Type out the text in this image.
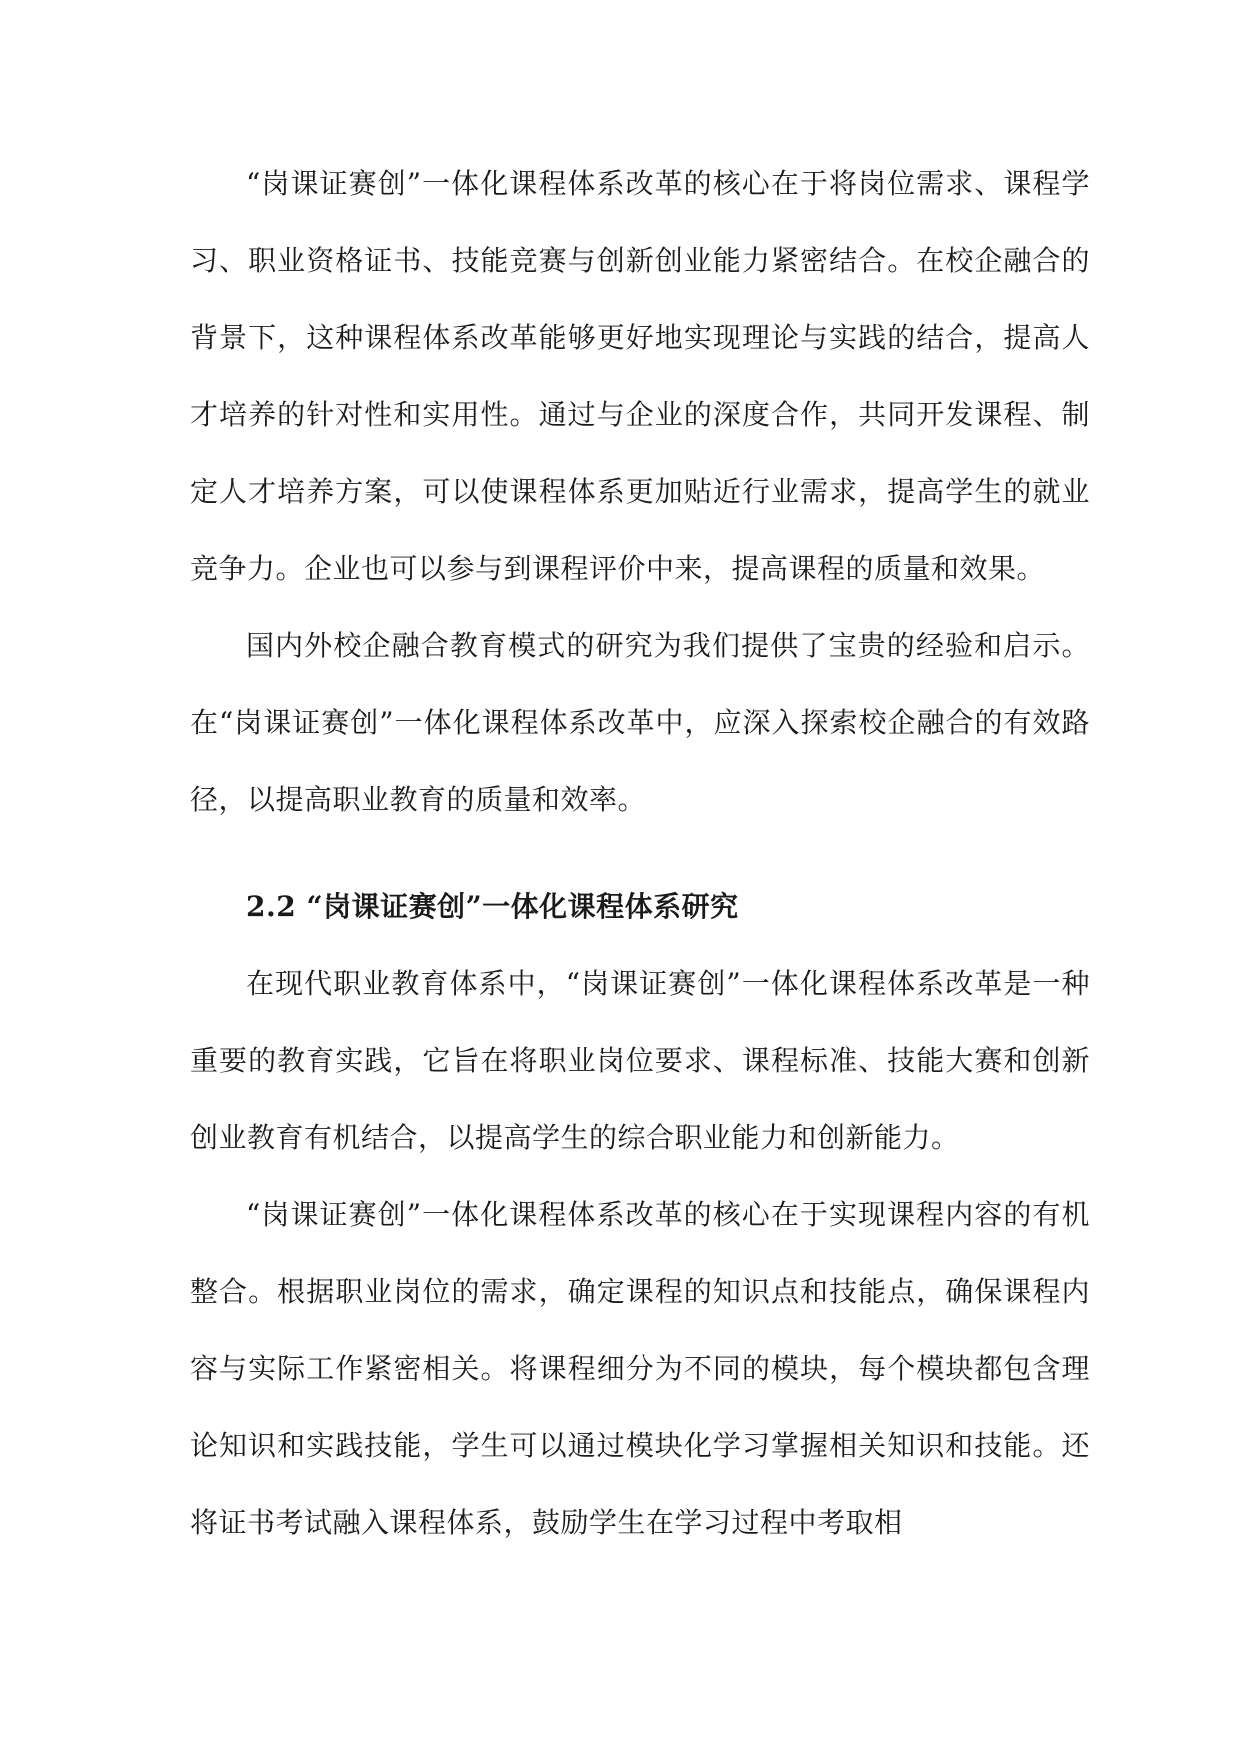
“岗课证赛创”一体化课程体系改革的核心在于将岗位需求、课程学习、职业资格证书、技能竞赛与创新创业能力紧密结合。在校企融合的背景下，这种课程体系改革能够更好地实现理论与实践的结合，提高人才培养的针对性和实用性。通过与企业的深度合作，共同开发课程、制定人才培养方案，可以使课程体系更加贴近行业需求，提高学生的就业竞争力。企业也可以参与到课程评价中来，提高课程的质量和效果。

国内外校企融合教育模式的研究为我们提供了宝贵的经验和启示。在“岗课证赛创”一体化课程体系改革中，应深入探索校企融合的有效路径，以提高职业教育的质量和效率。

2.2 “岗课证赛创”一体化课程体系研究

在现代职业教育体系中，“岗课证赛创”一体化课程体系改革是一种重要的教育实践，它旨在将职业岗位要求、课程标准、技能大赛和创新创业教育有机结合，以提高学生的综合职业能力和创新能力。

“岗课证赛创”一体化课程体系改革的核心在于实现课程内容的有机整合。根据职业岗位的需求，确定课程的知识点和技能点，确保课程内容与实际工作紧密相关。将课程细分为不同的模块，每个模块都包含理论知识和实践技能，学生可以通过模块化学习掌握相关知识和技能。还将证书考试融入课程体系，鼓励学生在学习过程中考取相
